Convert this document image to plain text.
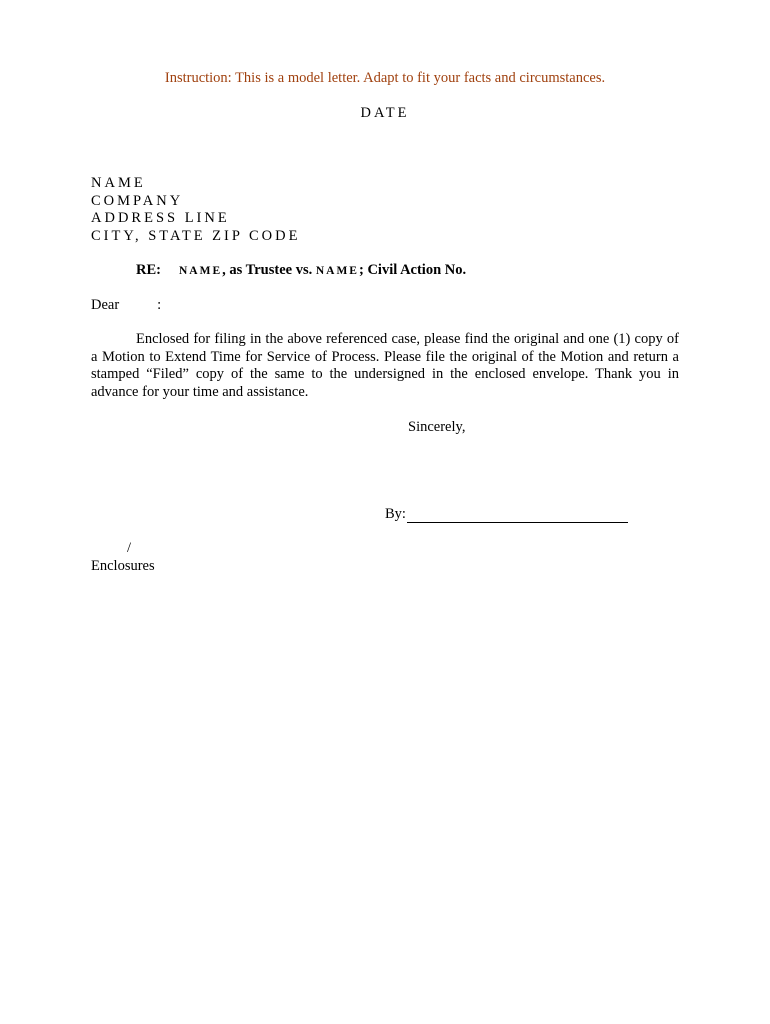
Instruction: This is a model letter. Adapt to fit your facts and circumstances.
DATE
NAME
COMPANY
ADDRESS LINE
CITY, STATE ZIP CODE
RE: NAME, as Trustee vs. NAME; Civil Action No.
Dear	:
Enclosed for filing in the above referenced case, please find the original and one (1) copy of a Motion to Extend Time for Service of Process. Please file the original of the Motion and return a stamped “Filed” copy of the same to the undersigned in the enclosed envelope. Thank you in advance for your time and assistance.
Sincerely,
By:
/
Enclosures
